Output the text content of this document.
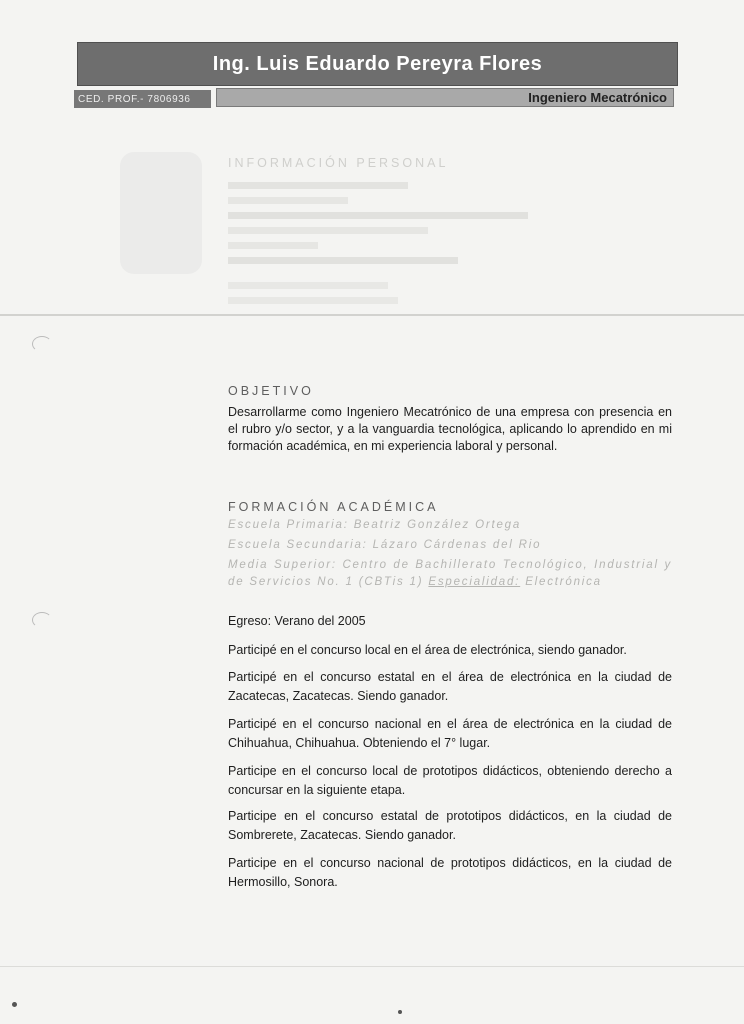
Ing. Luis Eduardo Pereyra Flores
CED. PROF.- 7806936	Ingeniero Mecatrónico
INFORMACIÓN PERSONAL
OBJETIVO
Desarrollarme como Ingeniero Mecatrónico de una empresa con presencia en el rubro y/o sector, y a la vanguardia tecnológica, aplicando lo aprendido en mi formación académica, en mi experiencia laboral y personal.
FORMACIÓN ACADÉMICA
Escuela Primaria: Beatriz González Ortega
Escuela Secundaria: Lázaro Cárdenas del Rio
Media Superior: Centro de Bachillerato Tecnológico, Industrial y de Servicios No. 1 (CBTis 1) Especialidad: Electrónica
Egreso: Verano del 2005
Participé en el concurso local en el área de electrónica, siendo ganador.
Participé en el concurso estatal en el área de electrónica en la ciudad de Zacatecas, Zacatecas. Siendo ganador.
Participé en el concurso nacional en el área de electrónica en la ciudad de Chihuahua, Chihuahua. Obteniendo el 7° lugar.
Participe en el concurso local de prototipos didácticos, obteniendo derecho a concursar en la siguiente etapa.
Participe en el concurso estatal de prototipos didácticos, en la ciudad de Sombrerete, Zacatecas. Siendo ganador.
Participe en el concurso nacional de prototipos didácticos, en la ciudad de Hermosillo, Sonora.
